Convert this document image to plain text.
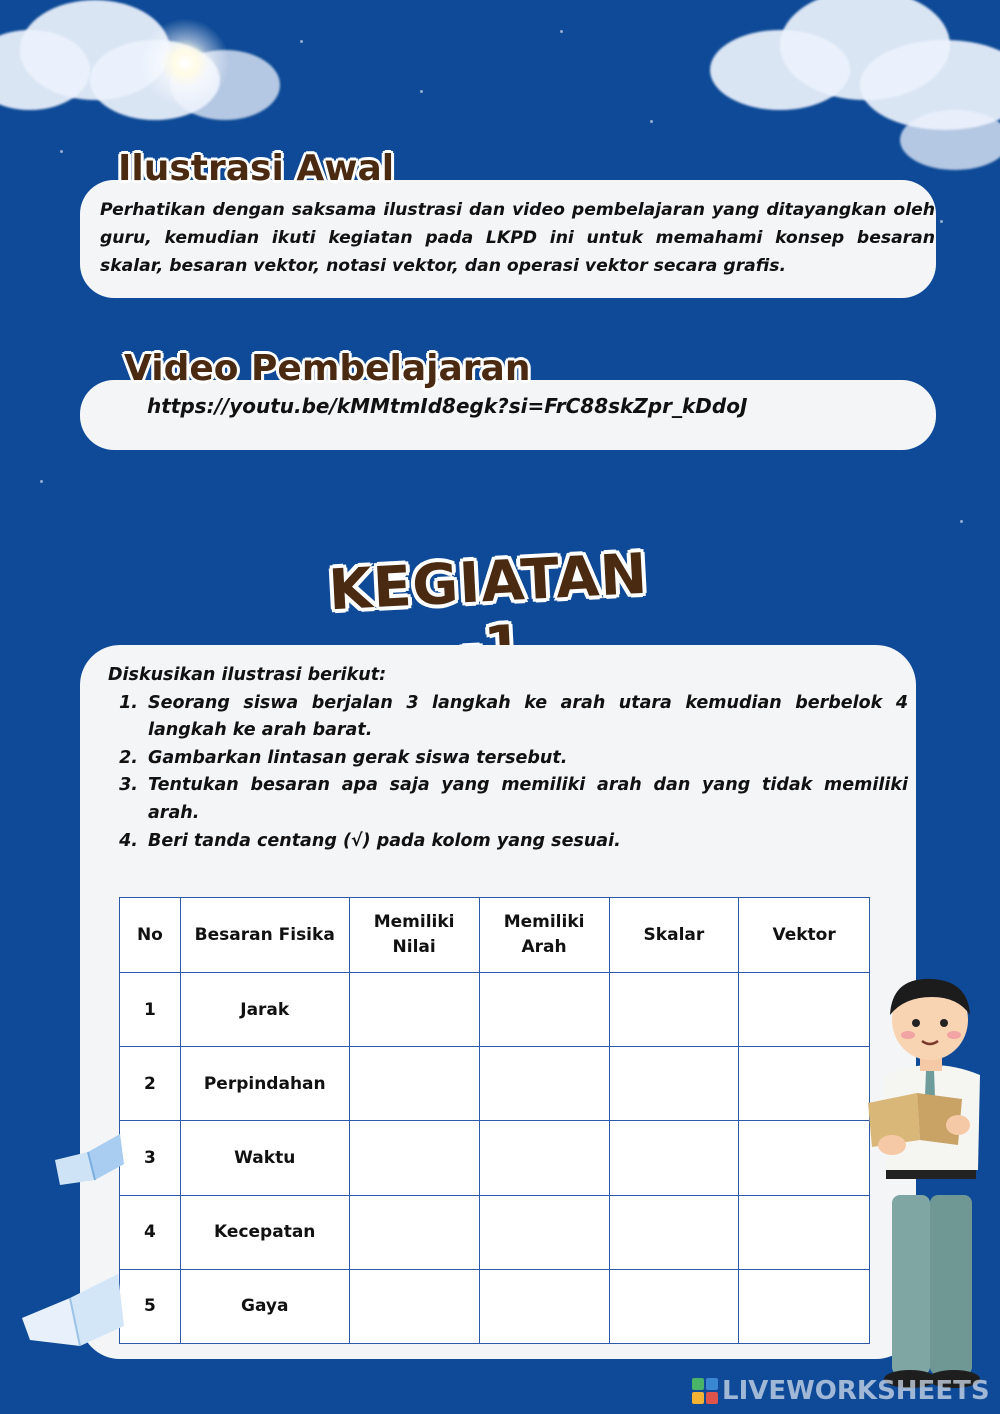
Ilustrasi Awal
Perhatikan dengan saksama ilustrasi dan video pembelajaran yang ditayangkan oleh guru, kemudian ikuti kegiatan pada LKPD ini untuk memahami konsep besaran skalar, besaran vektor, notasi vektor, dan operasi vektor secara grafis.
Video Pembelajaran
https://youtu.be/kMMtmId8egk?si=FrC88skZpr_kDdoJ
KEGIATAN
Diskusikan ilustrasi berikut:
1. Seorang siswa berjalan 3 langkah ke arah utara kemudian berbelok 4 langkah ke arah barat.
2. Gambarkan lintasan gerak siswa tersebut.
3. Tentukan besaran apa saja yang memiliki arah dan yang tidak memiliki arah.
4. Beri tanda centang (√) pada kolom yang sesuai.
No	Besaran Fisika	Memiliki Nilai	Memiliki Arah	Skalar	Vektor
1	Jarak				
2	Perpindahan				
3	Waktu				
4	Kecepatan				
5	Gaya				
LIVEWORKSHEETS
